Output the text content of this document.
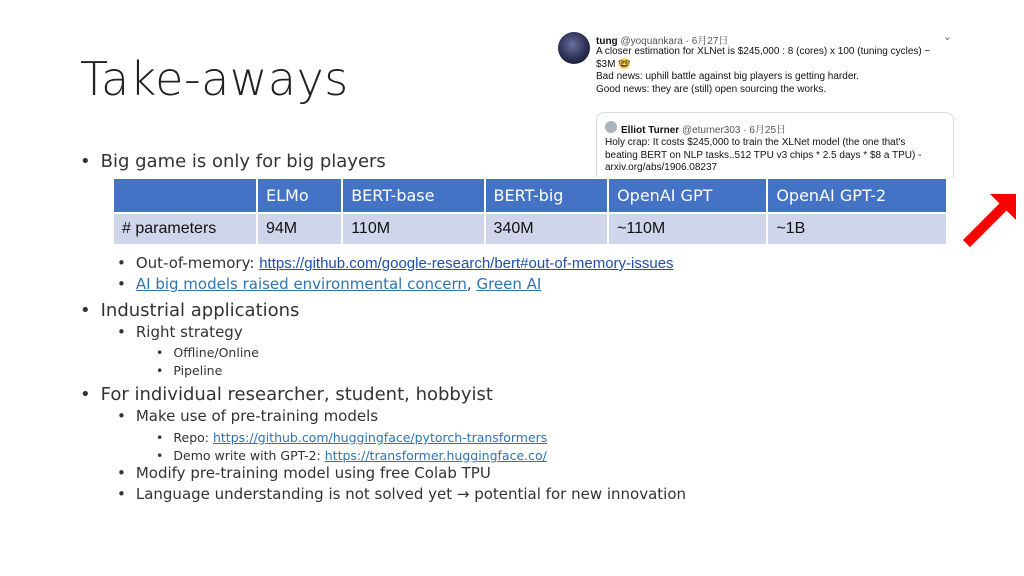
Take-aways
tung @yoquankara · 6月27日	⌄
A closer estimation for XLNet is $245,000 : 8 (cores) x 100 (tuning cycles) ~
$3M 🤓
Bad news: uphill battle against big players is getting harder.
Good news: they are (still) open sourcing the works.
Elliot Turner @eturner303 · 6月25日
Holy crap: It costs $245,000 to train the XLNet model (the one that's
beating BERT on NLP tasks..512 TPU v3 chips * 2.5 days * $8 a TPU) -
arxiv.org/abs/1906.08237
• Big game is only for big players
	ELMo	BERT-base	BERT-big	OpenAI GPT	OpenAI GPT-2
# parameters	94M	110M	340M	~110M	~1B
• Out-of-memory: https://github.com/google-research/bert#out-of-memory-issues
• AI big models raised environmental concern, Green AI
• Industrial applications
• Right strategy
• Offline/Online
• Pipeline
• For individual researcher, student, hobbyist
• Make use of pre-training models
• Repo: https://github.com/huggingface/pytorch-transformers
• Demo write with GPT-2: https://transformer.huggingface.co/
• Modify pre-training model using free Colab TPU
• Language understanding is not solved yet → potential for new innovation
